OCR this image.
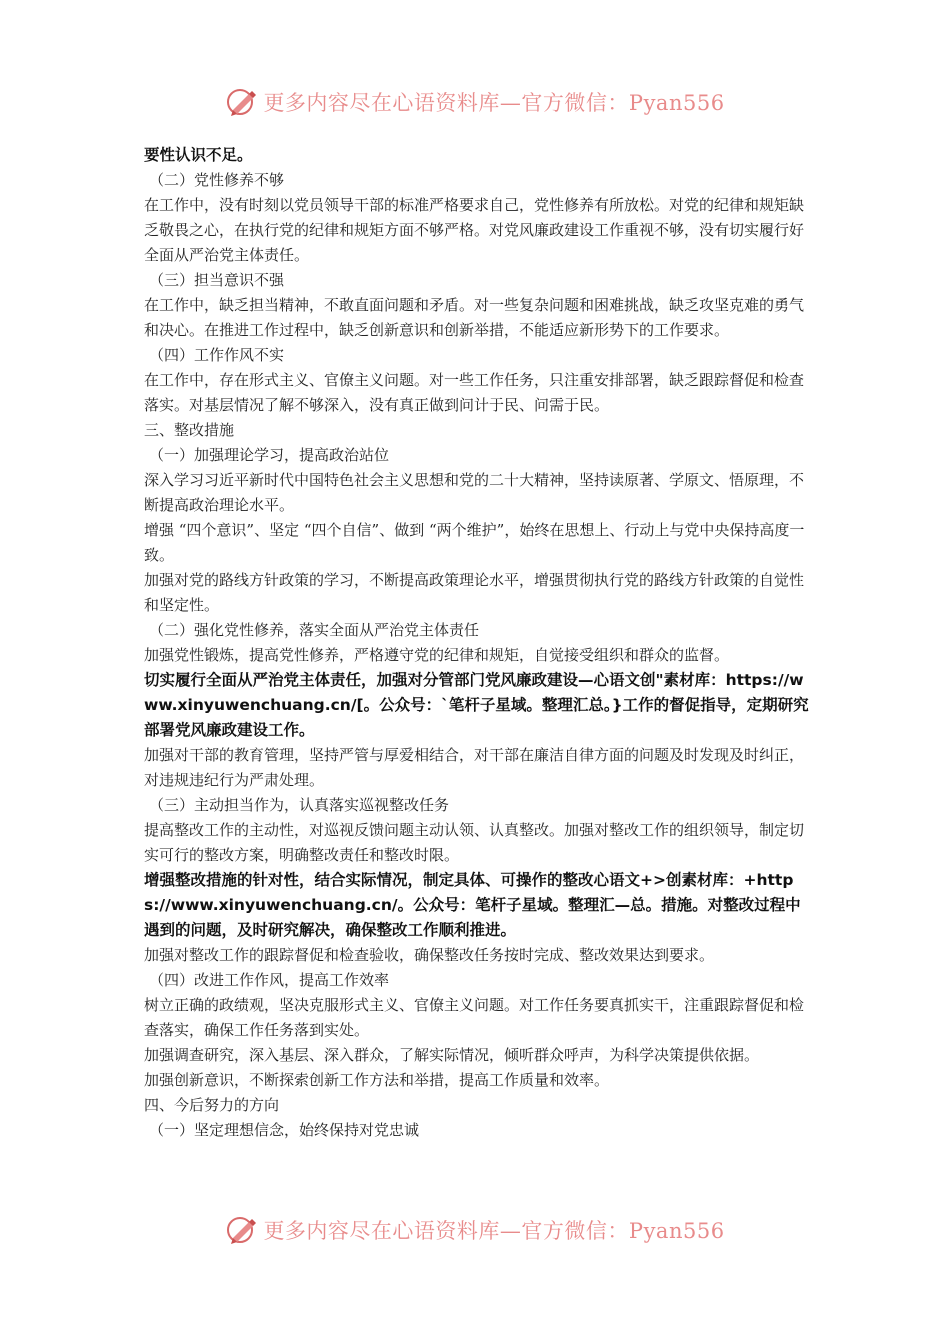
更多内容尽在心语资料库—官方微信：Pyan556

要性认识不足。

（二）党性修养不够

在工作中，没有时刻以党员领导干部的标准严格要求自己，党性修养有所放松。对党的纪律和规矩缺乏敬畏之心，在执行党的纪律和规矩方面不够严格。对党风廉政建设工作重视不够，没有切实履行好全面从严治党主体责任。

（三）担当意识不强

在工作中，缺乏担当精神，不敢直面问题和矛盾。对一些复杂问题和困难挑战，缺乏攻坚克难的勇气和决心。在推进工作过程中，缺乏创新意识和创新举措，不能适应新形势下的工作要求。

（四）工作作风不实

在工作中，存在形式主义、官僚主义问题。对一些工作任务，只注重安排部署，缺乏跟踪督促和检查落实。对基层情况了解不够深入，没有真正做到问计于民、问需于民。

三、整改措施

（一）加强理论学习，提高政治站位

深入学习习近平新时代中国特色社会主义思想和党的二十大精神，坚持读原著、学原文、悟原理，不断提高政治理论水平。

增强 “四个意识”、坚定 “四个自信”、做到 “两个维护”，始终在思想上、行动上与党中央保持高度一致。

加强对党的路线方针政策的学习，不断提高政策理论水平，增强贯彻执行党的路线方针政策的自觉性和坚定性。

（二）强化党性修养，落实全面从严治党主体责任

加强党性锻炼，提高党性修养，严格遵守党的纪律和规矩，自觉接受组织和群众的监督。

切实履行全面从严治党主体责任，加强对分管部门党风廉政建设—心语文创"素材库：https://www.xinyuwenchuang.cn/[。公众号：`笔杆子星域。整理汇总。}工作的督促指导，定期研究部署党风廉政建设工作。

加强对干部的教育管理，坚持严管与厚爱相结合，对干部在廉洁自律方面的问题及时发现及时纠正，对违规违纪行为严肃处理。

（三）主动担当作为，认真落实巡视整改任务

提高整改工作的主动性，对巡视反馈问题主动认领、认真整改。加强对整改工作的组织领导，制定切实可行的整改方案，明确整改责任和整改时限。

增强整改措施的针对性，结合实际情况，制定具体、可操作的整改心语文+>创素材库：+https://www.xinyuwenchuang.cn/。公众号：笔杆子星域。整理汇—总。措施。对整改过程中遇到的问题，及时研究解决，确保整改工作顺利推进。

加强对整改工作的跟踪督促和检查验收，确保整改任务按时完成、整改效果达到要求。

（四）改进工作作风，提高工作效率

树立正确的政绩观，坚决克服形式主义、官僚主义问题。对工作任务要真抓实干，注重跟踪督促和检查落实，确保工作任务落到实处。

加强调查研究，深入基层、深入群众，了解实际情况，倾听群众呼声，为科学决策提供依据。

加强创新意识，不断探索创新工作方法和举措，提高工作质量和效率。

四、今后努力的方向

（一）坚定理想信念，始终保持对党忠诚

更多内容尽在心语资料库—官方微信：Pyan556
